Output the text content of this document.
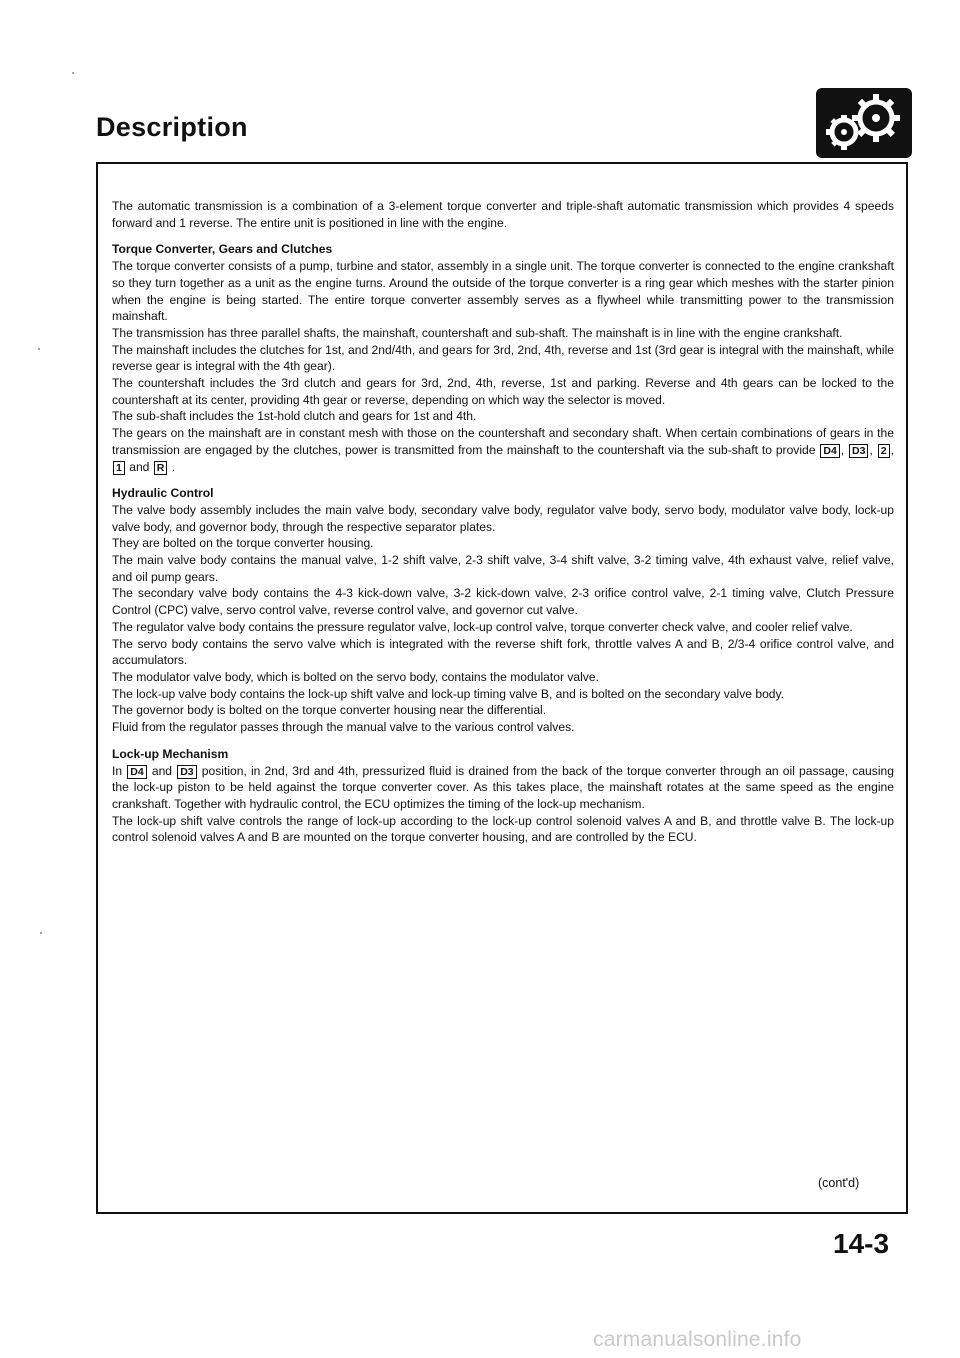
Description

The automatic transmission is a combination of a 3-element torque converter and triple-shaft automatic transmission which provides 4 speeds forward and 1 reverse. The entire unit is positioned in line with the engine.

Torque Converter, Gears and Clutches

The torque converter consists of a pump, turbine and stator, assembly in a single unit. The torque converter is connected to the engine crankshaft so they turn together as a unit as the engine turns. Around the outside of the torque converter is a ring gear which meshes with the starter pinion when the engine is being started. The entire torque converter assembly serves as a flywheel while transmitting power to the transmission mainshaft.

The transmission has three parallel shafts, the mainshaft, countershaft and sub-shaft. The mainshaft is in line with the engine crankshaft.

The mainshaft includes the clutches for 1st, and 2nd/4th, and gears for 3rd, 2nd, 4th, reverse and 1st (3rd gear is integral with the mainshaft, while reverse gear is integral with the 4th gear).

The countershaft includes the 3rd clutch and gears for 3rd, 2nd, 4th, reverse, 1st and parking. Reverse and 4th gears can be locked to the countershaft at its center, providing 4th gear or reverse, depending on which way the selector is moved.

The sub-shaft includes the 1st-hold clutch and gears for 1st and 4th.

The gears on the mainshaft are in constant mesh with those on the countershaft and secondary shaft. When certain combinations of gears in the transmission are engaged by the clutches, power is transmitted from the mainshaft to the countershaft via the sub-shaft to provide D4 , D3 , 2 , 1 and R .

Hydraulic Control

The valve body assembly includes the main valve body, secondary valve body, regulator valve body, servo body, modulator valve body, lock-up valve body, and governor body, through the respective separator plates.

They are bolted on the torque converter housing.

The main valve body contains the manual valve, 1-2 shift valve, 2-3 shift valve, 3-4 shift valve, 3-2 timing valve, 4th exhaust valve, relief valve, and oil pump gears.

The secondary valve body contains the 4-3 kick-down valve, 3-2 kick-down valve, 2-3 orifice control valve, 2-1 timing valve, Clutch Pressure Control (CPC) valve, servo control valve, reverse control valve, and governor cut valve.

The regulator valve body contains the pressure regulator valve, lock-up control valve, torque converter check valve, and cooler relief valve.

The servo body contains the servo valve which is integrated with the reverse shift fork, throttle valves A and B, 2/3-4 orifice control valve, and accumulators.

The modulator valve body, which is bolted on the servo body, contains the modulator valve.

The lock-up valve body contains the lock-up shift valve and lock-up timing valve B, and is bolted on the secondary valve body.

The governor body is bolted on the torque converter housing near the differential.

Fluid from the regulator passes through the manual valve to the various control valves.

Lock-up Mechanism

In D4 and D3 position, in 2nd, 3rd and 4th, pressurized fluid is drained from the back of the torque converter through an oil passage, causing the lock-up piston to be held against the torque converter cover. As this takes place, the mainshaft rotates at the same speed as the engine crankshaft. Together with hydraulic control, the ECU optimizes the timing of the lock-up mechanism.

The lock-up shift valve controls the range of lock-up according to the lock-up control solenoid valves A and B, and throttle valve B. The lock-up control solenoid valves A and B are mounted on the torque converter housing, and are controlled by the ECU.

(cont'd)
14-3
carmanualsonline.info
